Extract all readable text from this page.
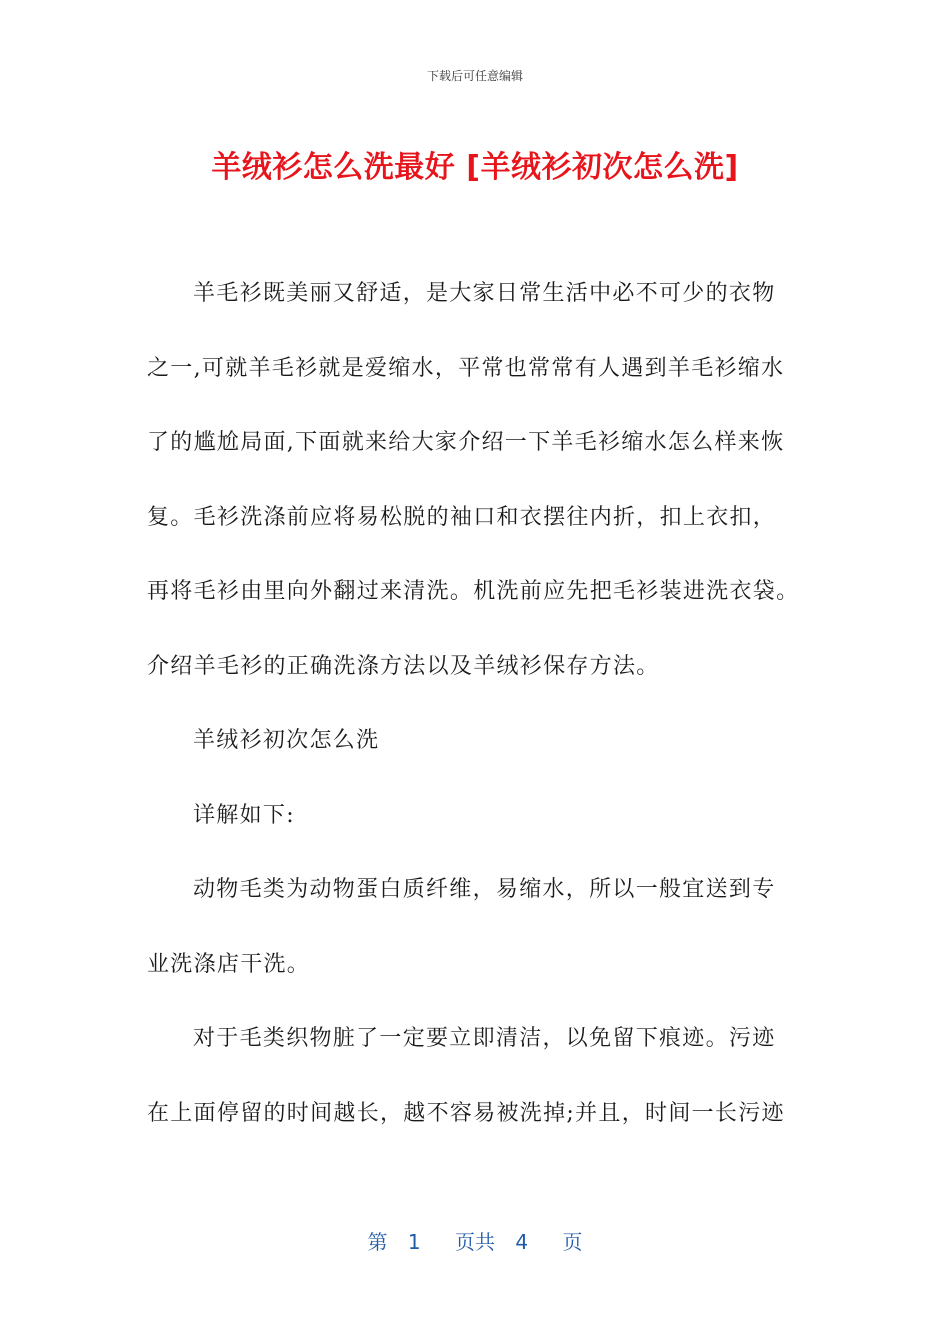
下载后可任意编辑
羊绒衫怎么洗最好 [羊绒衫初次怎么洗]
羊毛衫既美丽又舒适，是大家日常生活中必不可少的衣物
之一,可就羊毛衫就是爱缩水，平常也常常有人遇到羊毛衫缩水
了的尴尬局面,下面就来给大家介绍一下羊毛衫缩水怎么样来恢
复。毛衫洗涤前应将易松脱的袖口和衣摆往内折，扣上衣扣，
再将毛衫由里向外翻过来清洗。机洗前应先把毛衫装进洗衣袋。
介绍羊毛衫的正确洗涤方法以及羊绒衫保存方法。
羊绒衫初次怎么洗
详解如下:
动物毛类为动物蛋白质纤维，易缩水，所以一般宜送到专
业洗涤店干洗。
对于毛类织物脏了一定要立即清洁，以免留下痕迹。污迹
在上面停留的时间越长，越不容易被洗掉;并且，时间一长污迹
第 1 页共 4 页
